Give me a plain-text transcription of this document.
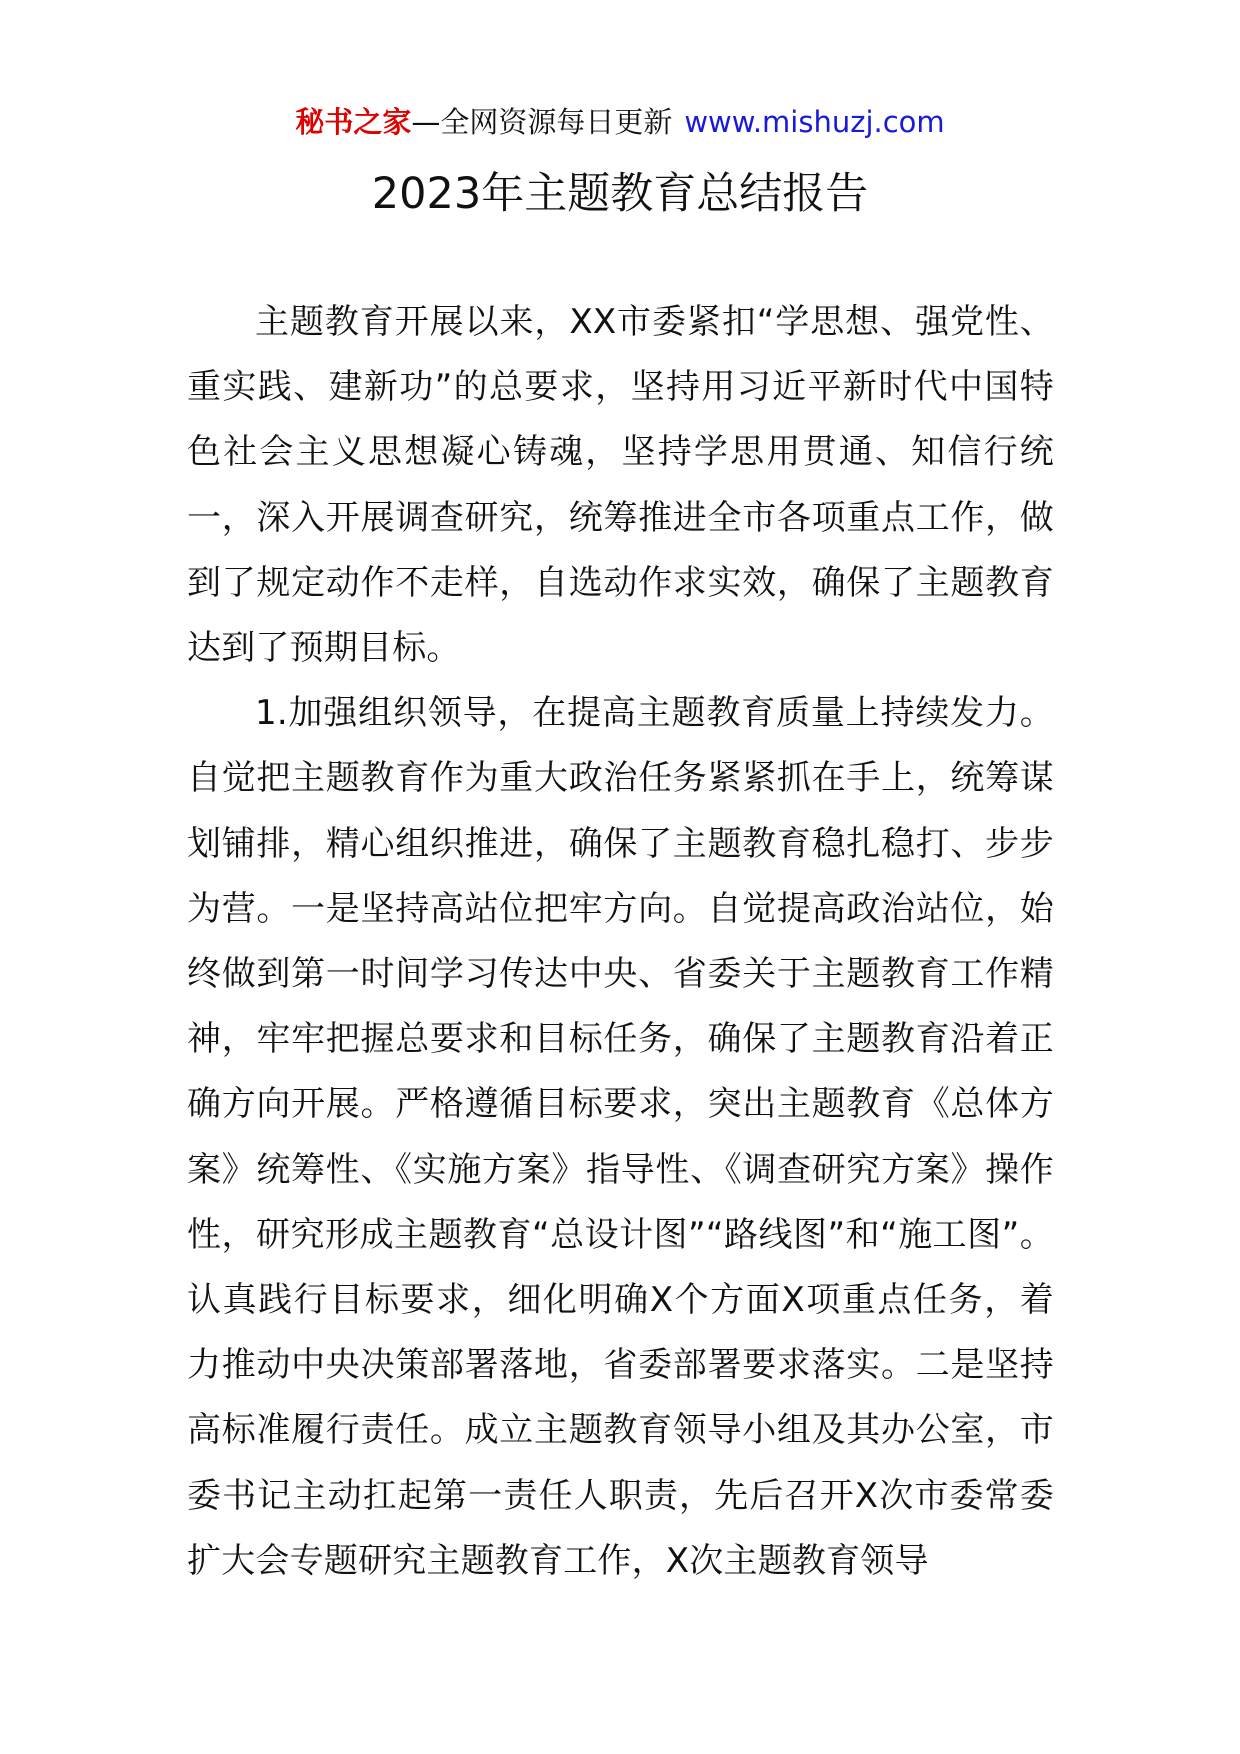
秘书之家—全网资源每日更新 www.mishuzj.com
2023年主题教育总结报告

主题教育开展以来，XX市委紧扣“学思想、强党性、重实践、建新功”的总要求，坚持用习近平新时代中国特色社会主义思想凝心铸魂，坚持学思用贯通、知信行统一，深入开展调查研究，统筹推进全市各项重点工作，做到了规定动作不走样，自选动作求实效，确保了主题教育达到了预期目标。

1.加强组织领导，在提高主题教育质量上持续发力。自觉把主题教育作为重大政治任务紧紧抓在手上，统筹谋划铺排，精心组织推进，确保了主题教育稳扎稳打、步步为营。一是坚持高站位把牢方向。自觉提高政治站位，始终做到第一时间学习传达中央、省委关于主题教育工作精神，牢牢把握总要求和目标任务，确保了主题教育沿着正确方向开展。严格遵循目标要求，突出主题教育《总体方案》统筹性、《实施方案》指导性、《调查研究方案》操作性，研究形成主题教育“总设计图”“路线图”和“施工图”。认真践行目标要求，细化明确X个方面X项重点任务，着力推动中央决策部署落地，省委部署要求落实。二是坚持高标准履行责任。成立主题教育领导小组及其办公室，市委书记主动扛起第一责任人职责，先后召开X次市委常委扩大会专题研究主题教育工作，X次主题教育领导
